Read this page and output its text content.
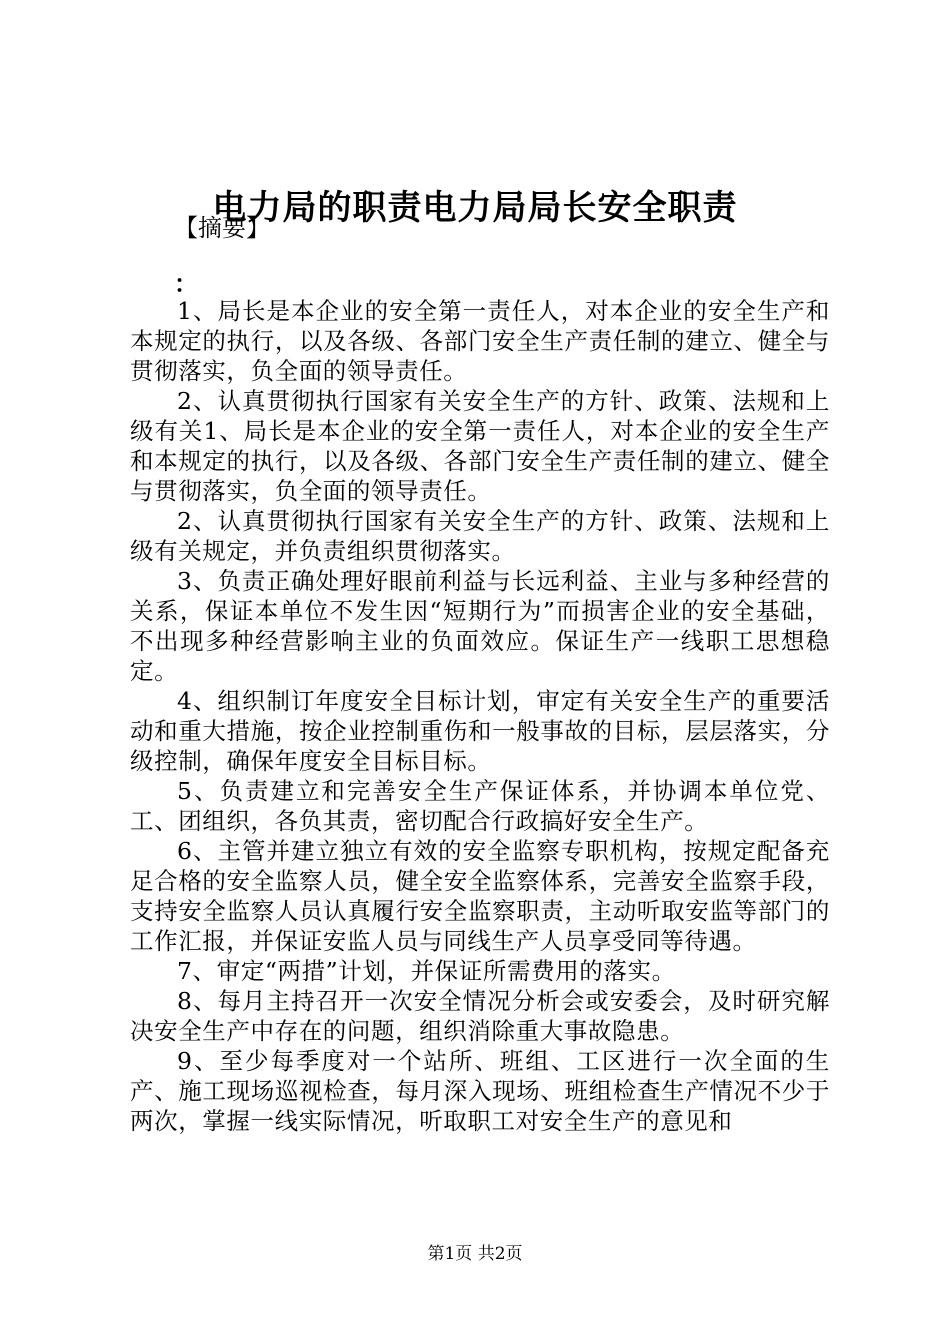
电力局的职责电力局局长安全职责
【摘要】
：

1、局长是本企业的安全第一责任人，对本企业的安全生产和本规定的执行，以及各级、各部门安全生产责任制的建立、健全与贯彻落实，负全面的领导责任。

2、认真贯彻执行国家有关安全生产的方针、政策、法规和上级有关1、局长是本企业的安全第一责任人，对本企业的安全生产和本规定的执行，以及各级、各部门安全生产责任制的建立、健全与贯彻落实，负全面的领导责任。

2、认真贯彻执行国家有关安全生产的方针、政策、法规和上级有关规定，并负责组织贯彻落实。

3、负责正确处理好眼前利益与长远利益、主业与多种经营的关系，保证本单位不发生因“短期行为”而损害企业的安全基础，不出现多种经营影响主业的负面效应。保证生产一线职工思想稳定。

4、组织制订年度安全目标计划，审定有关安全生产的重要活动和重大措施，按企业控制重伤和一般事故的目标，层层落实，分级控制，确保年度安全目标目标。

5、负责建立和完善安全生产保证体系，并协调本单位党、工、团组织，各负其责，密切配合行政搞好安全生产。

6、主管并建立独立有效的安全监察专职机构，按规定配备充足合格的安全监察人员，健全安全监察体系，完善安全监察手段，支持安全监察人员认真履行安全监察职责，主动听取安监等部门的工作汇报，并保证安监人员与同线生产人员享受同等待遇。

7、审定“两措”计划，并保证所需费用的落实。

8、每月主持召开一次安全情况分析会或安委会，及时研究解决安全生产中存在的问题，组织消除重大事故隐患。

9、至少每季度对一个站所、班组、工区进行一次全面的生产、施工现场巡视检查，每月深入现场、班组检查生产情况不少于两次，掌握一线实际情况，听取职工对安全生产的意见和

第1页 共2页
